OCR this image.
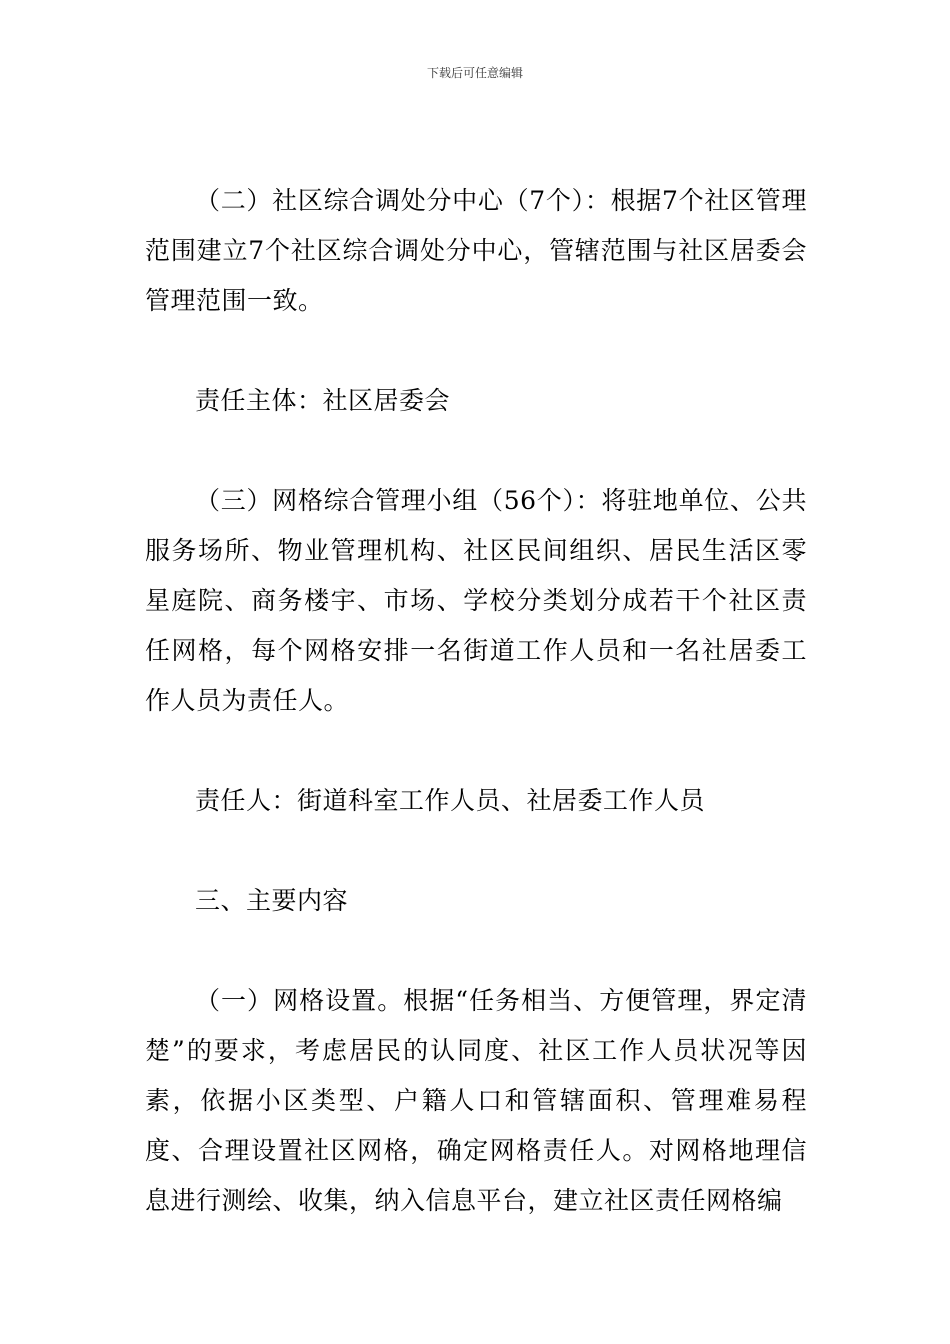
下载后可任意编辑

（二）社区综合调处分中心（7个）：根据7个社区管理范围建立7个社区综合调处分中心，管辖范围与社区居委会管理范围一致。

责任主体：社区居委会

（三）网格综合管理小组（56个）：将驻地单位、公共服务场所、物业管理机构、社区民间组织、居民生活区零星庭院、商务楼宇、市场、学校分类划分成若干个社区责任网格，每个网格安排一名街道工作人员和一名社居委工作人员为责任人。

责任人：街道科室工作人员、社居委工作人员

三、主要内容

（一）网格设置。根据“任务相当、方便管理，界定清楚”的要求，考虑居民的认同度、社区工作人员状况等因素，依据小区类型、户籍人口和管辖面积、管理难易程度、合理设置社区网格，确定网格责任人。对网格地理信息进行测绘、收集，纳入信息平台，建立社区责任网格编
